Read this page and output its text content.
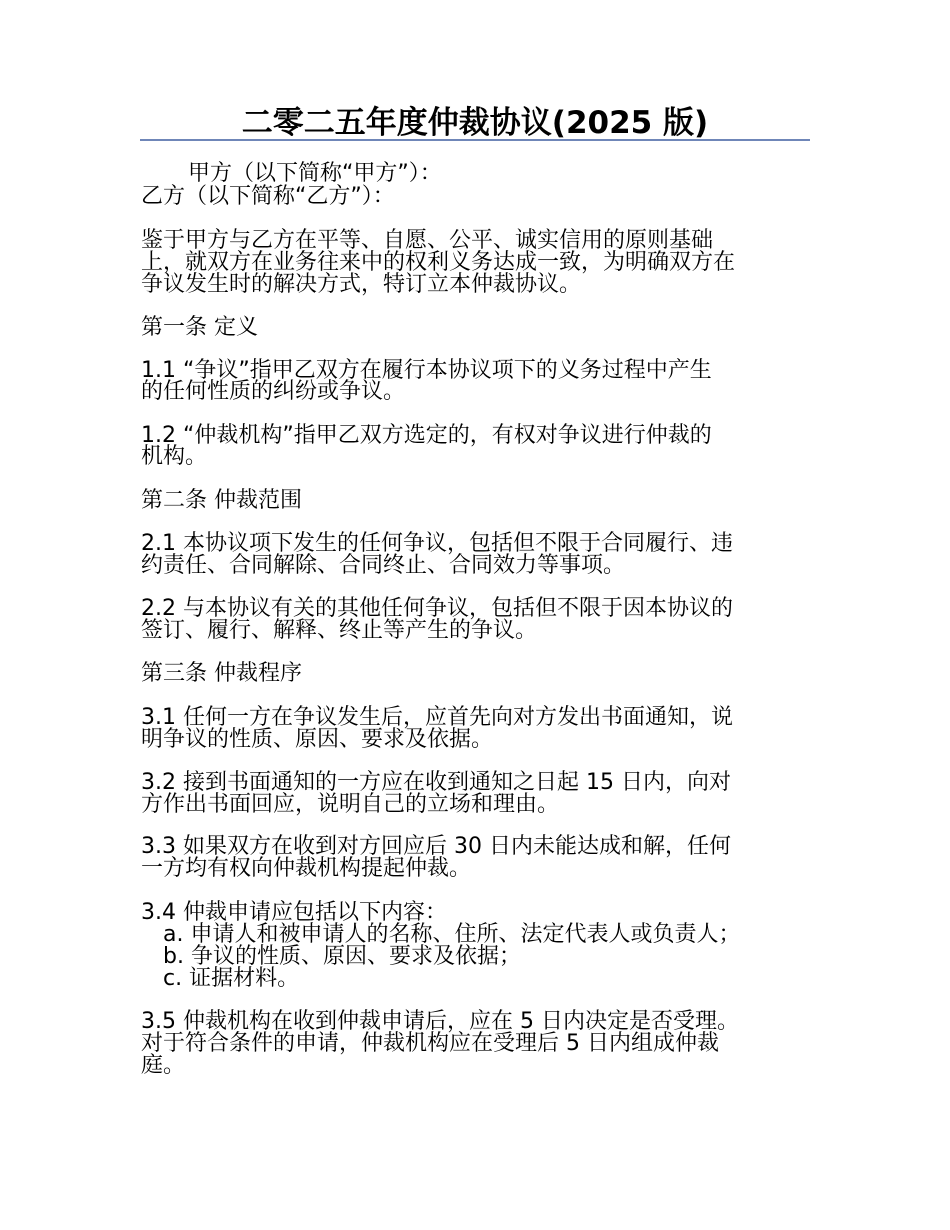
二零二五年度仲裁协议(2025 版)
甲方（以下简称“甲方”）：
乙方（以下简称“乙方”）：
鉴于甲方与乙方在平等、自愿、公平、诚实信用的原则基础
上，就双方在业务往来中的权利义务达成一致，为明确双方在
争议发生时的解决方式，特订立本仲裁协议。
第一条 定义
1.1 “争议”指甲乙双方在履行本协议项下的义务过程中产生
的任何性质的纠纷或争议。
1.2 “仲裁机构”指甲乙双方选定的，有权对争议进行仲裁的
机构。
第二条 仲裁范围
2.1 本协议项下发生的任何争议，包括但不限于合同履行、违
约责任、合同解除、合同终止、合同效力等事项。
2.2 与本协议有关的其他任何争议，包括但不限于因本协议的
签订、履行、解释、终止等产生的争议。
第三条 仲裁程序
3.1 任何一方在争议发生后，应首先向对方发出书面通知，说
明争议的性质、原因、要求及依据。
3.2 接到书面通知的一方应在收到通知之日起 15 日内，向对
方作出书面回应，说明自己的立场和理由。
3.3 如果双方在收到对方回应后 30 日内未能达成和解，任何
一方均有权向仲裁机构提起仲裁。
3.4 仲裁申请应包括以下内容：
a. 申请人和被申请人的名称、住所、法定代表人或负责人；
b. 争议的性质、原因、要求及依据；
c. 证据材料。
3.5 仲裁机构在收到仲裁申请后，应在 5 日内决定是否受理。
对于符合条件的申请，仲裁机构应在受理后 5 日内组成仲裁
庭。
